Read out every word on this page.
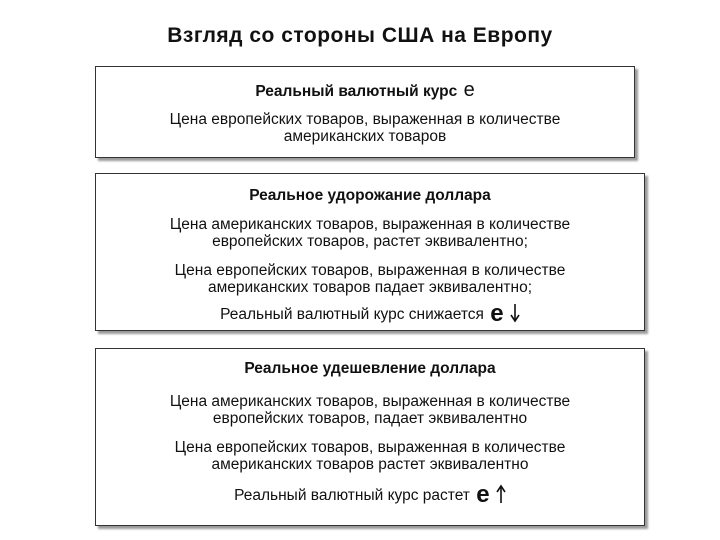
Взгляд со стороны США на Европу
Реальный валютный курс е
Цена европейских товаров, выраженная в количестве
американских товаров
Реальное удорожание доллара
Цена американских товаров, выраженная в количестве
европейских товаров, растет эквивалентно;
Цена европейских товаров, выраженная в количестве
американских товаров падает эквивалентно;
Реальный валютный курс снижается е
Реальное удешевление доллара
Цена американских товаров, выраженная в количестве
европейских товаров, падает эквивалентно
Цена европейских товаров, выраженная в количестве
американских товаров растет эквивалентно
Реальный валютный курс растет е
